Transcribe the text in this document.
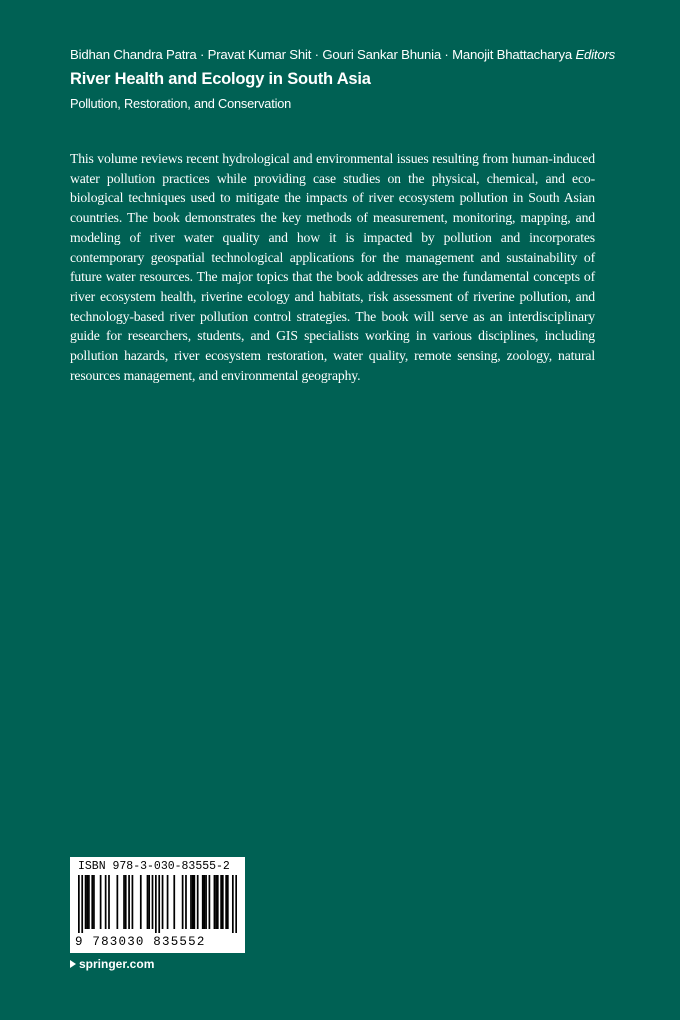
Bidhan Chandra Patra · Pravat Kumar Shit · Gouri Sankar Bhunia · Manojit Bhattacharya Editors
River Health and Ecology in South Asia
Pollution, Restoration, and Conservation

This volume reviews recent hydrological and environmental issues resulting from human-induced water pollution practices while providing case studies on the physical, chemical, and eco-biological techniques used to mitigate the impacts of river ecosystem pollution in South Asian countries. The book demonstrates the key methods of measurement, monitoring, mapping, and modeling of river water quality and how it is impacted by pollution and incorporates contemporary geospatial technological applications for the management and sustainability of future water resources. The major topics that the book addresses are the fundamental concepts of river ecosystem health, riverine ecology and habitats, risk assessment of riverine pollution, and technology-based river pollution control strategies. The book will serve as an interdisciplinary guide for researchers, students, and GIS specialists working in various disciplines, including pollution hazards, river ecosystem restoration, water quality, remote sensing, zoology, natural resources management, and environmental geography.

ISBN 978-3-030-83555-2
9 783030 835552
springer.com
